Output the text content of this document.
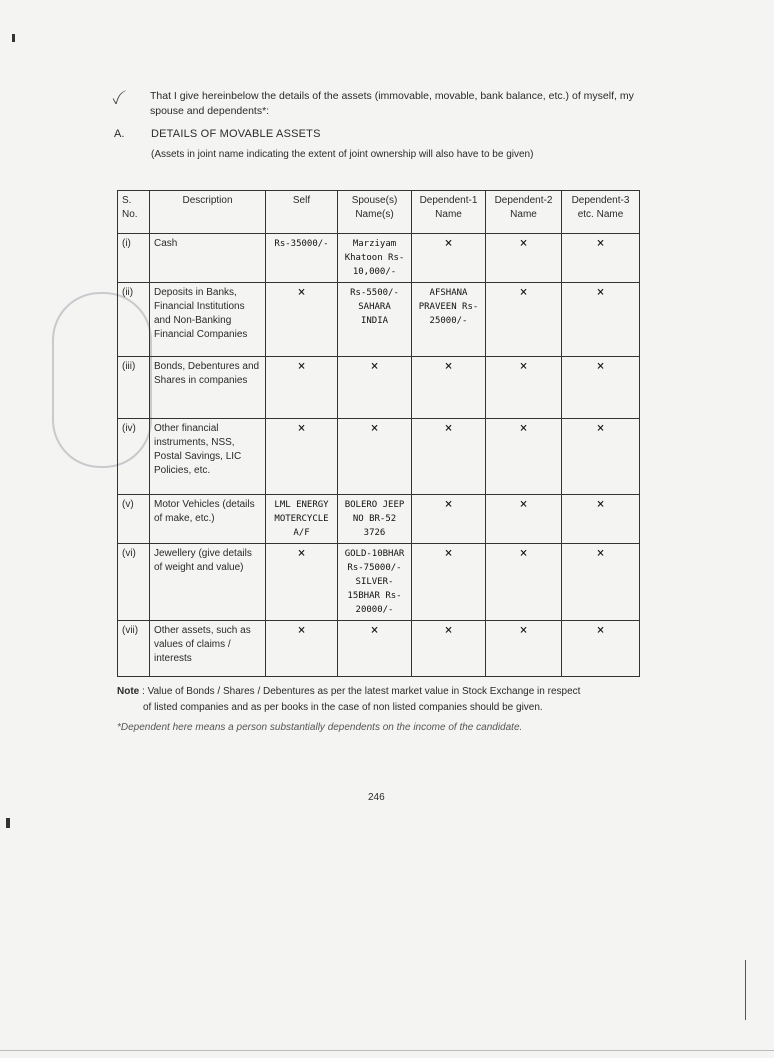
ꪜ	That I give hereinbelow the details of the assets (immovable, movable, bank balance, etc.) of myself, my spouse and dependents*:
A. DETAILS OF MOVABLE ASSETS
(Assets in joint name indicating the extent of joint ownership will also have to be given)
S. No.	Description	Self	Spouse(s) Name(s)	Dependent-1 Name	Dependent-2 Name	Dependent-3 etc. Name
(i)	Cash	Rs-35000/-	Marziyam Khatoon Rs-10,000/-	×	×	×
(ii)	Deposits in Banks, Financial Institutions and Non-Banking Financial Companies	×	Rs-5500/- SAHARA INDIA	AFSHANA PRAVEEN Rs-25000/-	×	×
(iii)	Bonds, Debentures and Shares in companies	×	×	×	×	×
(iv)	Other financial instruments, NSS, Postal Savings, LIC Policies, etc.	×	×	×	×	×
(v)	Motor Vehicles (details of make, etc.)	LML ENERGY MOTERCYCLE A/F	BOLERO JEEP NO BR-52 3726	×	×	×
(vi)	Jewellery (give details of weight and value)	×	GOLD-10BHAR Rs-75000/- SILVER-15BHAR Rs-20000/-	×	×	×
(vii)	Other assets, such as values of claims / interests	×	×	×	×	×
Note : Value of Bonds / Shares / Debentures as per the latest market value in Stock Exchange in respect
of listed companies and as per books in the case of non listed companies should be given.
*Dependent here means a person substantially dependents on the income of the candidate.
246
